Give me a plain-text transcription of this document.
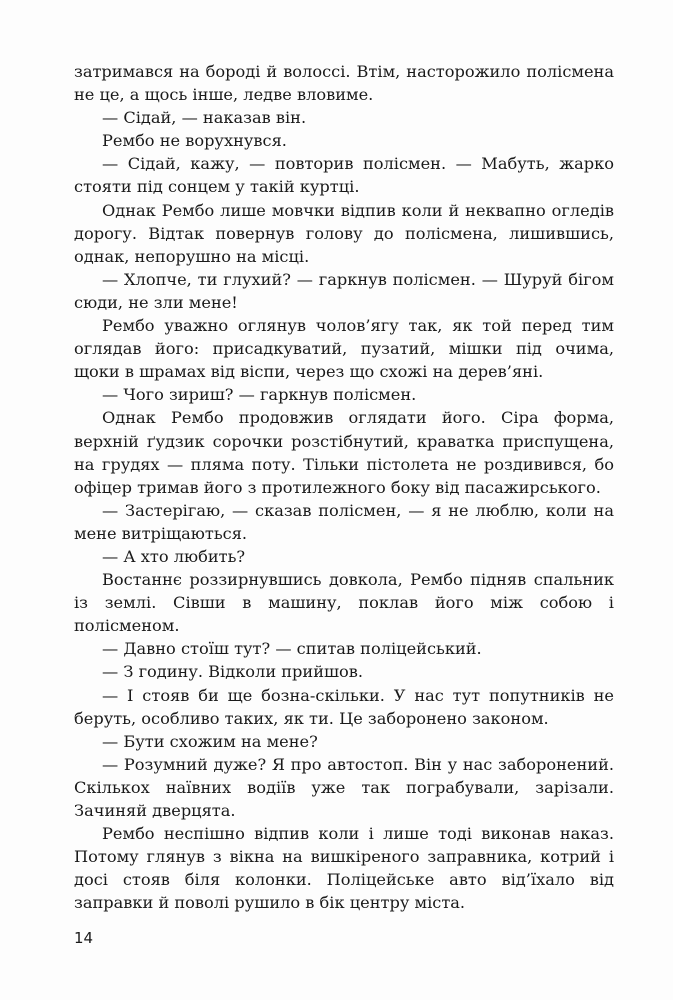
затримався на бороді й волоссі. Втім, насторожило полісмена не це, а щось інше, ледве вловиме.

— Сідай, — наказав він.

Рембо не ворухнувся.

— Сідай, кажу, — повторив полісмен. — Мабуть, жарко стояти під сонцем у такій куртці.

Однак Рембо лише мовчки відпив коли й неквапно огледів дорогу. Відтак повернув голову до полісмена, лишившись, однак, непорушно на місці.

— Хлопче, ти глухий? — гаркнув полісмен. — Шуруй бігом сюди, не зли мене!

Рембо уважно оглянув чолов’ягу так, як той перед тим оглядав його: присадкуватий, пузатий, мішки під очима, щоки в шрамах від віспи, через що схожі на дерев’яні.

— Чого зириш? — гаркнув полісмен.

Однак Рембо продовжив оглядати його. Сіра форма, верхній ґудзик сорочки розстібнутий, краватка приспущена, на грудях — пляма поту. Тільки пістолета не роздивився, бо офіцер тримав його з протилежного боку від пасажирського.

— Застерігаю, — сказав полісмен, — я не люблю, коли на мене витріщаються.

— А хто любить?

Востаннє роззирнувшись довкола, Рембо підняв спальник із землі. Сівши в машину, поклав його між собою і полісменом.

— Давно стоїш тут? — спитав поліцейський.

— З годину. Відколи прийшов.

— І стояв би ще бозна-скільки. У нас тут попутників не беруть, особливо таких, як ти. Це заборонено законом.

— Бути схожим на мене?

— Розумний дуже? Я про автостоп. Він у нас заборонений. Скількох наївних водіїв уже так пограбували, зарізали. Зачиняй дверцята.

Рембо неспішно відпив коли і лише тоді виконав наказ. Потому глянув з вікна на вишкіреного заправника, котрий і досі стояв біля колонки. Поліцейське авто від’їхало від заправки й поволі рушило в бік центру міста.

14
